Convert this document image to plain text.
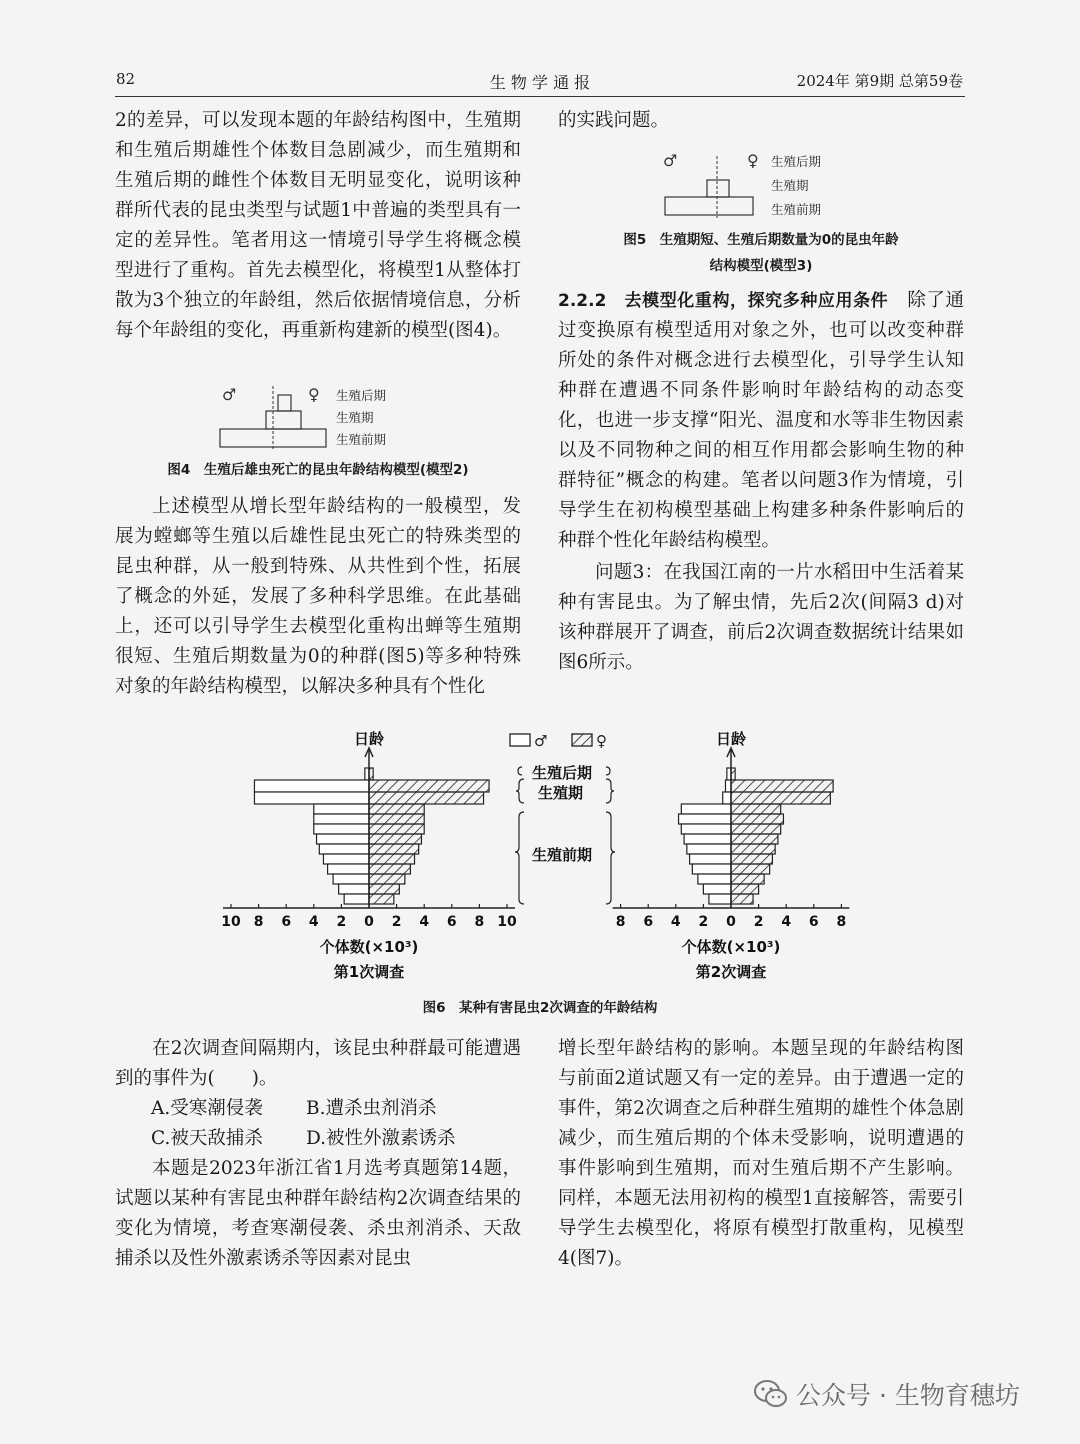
82	生 物 学 通 报	2024年 第9期 总第59卷

2的差异，可以发现本题的年龄结构图中，生殖期和生殖后期雄性个体数目急剧减少，而生殖期和生殖后期的雌性个体数目无明显变化，说明该种群所代表的昆虫类型与试题1中普遍的类型具有一定的差异性。笔者用这一情境引导学生将概念模型进行了重构。首先去模型化，将模型1从整体打散为3个独立的年龄组，然后依据情境信息，分析每个年龄组的变化，再重新构建新的模型(图4)。

♂	♀ 生殖后期
生殖期
生殖前期
图4　生殖后雄虫死亡的昆虫年龄结构模型(模型2)

上述模型从增长型年龄结构的一般模型，发展为螳螂等生殖以后雄性昆虫死亡的特殊类型的昆虫种群，从一般到特殊、从共性到个性，拓展了概念的外延，发展了多种科学思维。在此基础上，还可以引导学生去模型化重构出蝉等生殖期很短、生殖后期数量为0的种群(图5)等多种特殊对象的年龄结构模型，以解决多种具有个性化

的实践问题。

♂	♀ 生殖后期
生殖期
生殖前期
图5　生殖期短、生殖后期数量为0的昆虫年龄
结构模型(模型3)

2.2.2　去模型化重构，探究多种应用条件　 除了通过变换原有模型适用对象之外，也可以改变种群所处的条件对概念进行去模型化，引导学生认知种群在遭遇不同条件影响时年龄结构的动态变化，也进一步支撑“阳光、温度和水等非生物因素以及不同物种之间的相互作用都会影响生物的种群特征”概念的构建。笔者以问题3作为情境，引导学生在初构模型基础上构建多种条件影响后的种群个性化年龄结构模型。

问题3：在我国江南的一片水稻田中生活着某种有害昆虫。为了解虫情，先后2次(间隔3 d)对该种群展开了调查，前后2次调查数据统计结果如图6所示。

♂	♀
生殖后期
生殖期
生殖前期
日龄
10 8 6 4 2 0 2 4 6 8 10
个体数(×10³)
第1次调查
日龄
8 6 4 2 0 2 4 6 8
个体数(×10³)
第2次调查
图6　某种有害昆虫2次调查的年龄结构

在2次调查间隔期内，该昆虫种群最可能遭遇到的事件为(　　)。

A.受寒潮侵袭	B.遭杀虫剂消杀

C.被天敌捕杀	D.被性外激素诱杀

本题是2023年浙江省1月选考真题第14题，试题以某种有害昆虫种群年龄结构2次调查结果的变化为情境，考查寒潮侵袭、杀虫剂消杀、天敌捕杀以及性外激素诱杀等因素对昆虫

增长型年龄结构的影响。本题呈现的年龄结构图与前面2道试题又有一定的差异。由于遭遇一定的事件，第2次调查之后种群生殖期的雄性个体急剧减少，而生殖后期的个体未受影响，说明遭遇的事件影响到生殖期，而对生殖后期不产生影响。同样，本题无法用初构的模型1直接解答，需要引导学生去模型化，将原有模型打散重构，见模型4(图7)。

公众号 · 生物育穗坊
